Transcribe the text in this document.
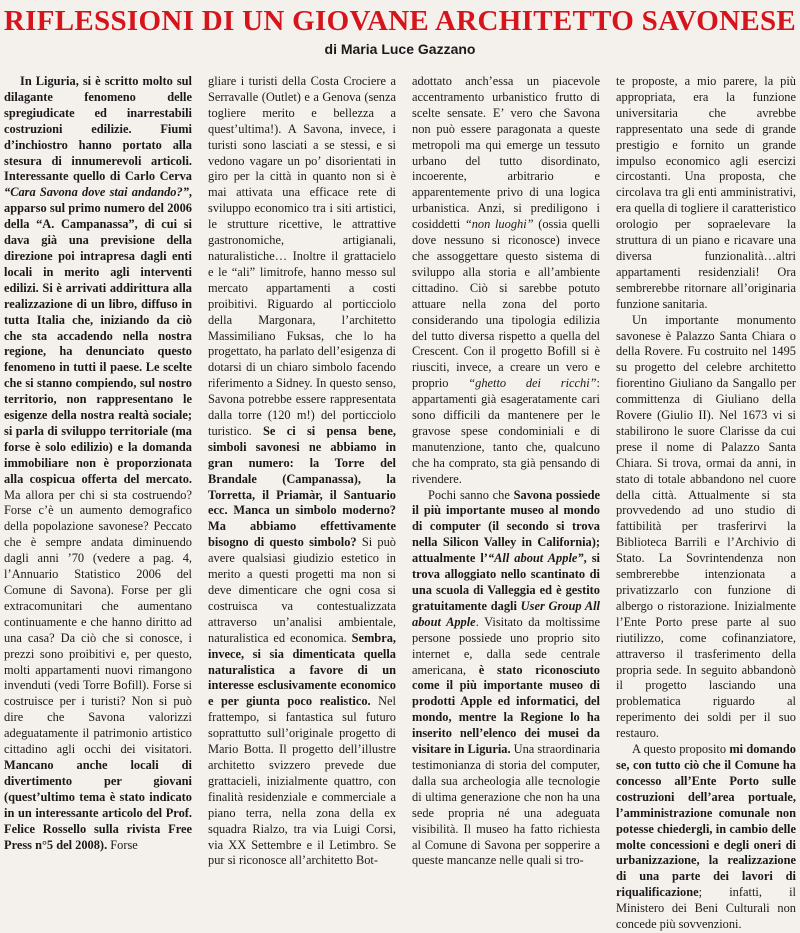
RIFLESSIONI DI UN GIOVANE ARCHITETTO SAVONESE
di Maria Luce Gazzano

In Liguria, si è scritto molto sul dilagante fenomeno delle spregiudicate ed inarrestabili costruzioni edilizie. Fiumi d’inchiostro hanno portato alla stesura di innumerevoli articoli. Interessante quello di Carlo Cerva “Cara Savona dove stai andando?”, apparso sul primo numero del 2006 della “A. Campanassa”, di cui si dava già una previsione della direzione poi intrapresa dagli enti locali in merito agli interventi edilizi. Si è arrivati addirittura alla realizzazione di un libro, diffuso in tutta Italia che, iniziando da ciò che sta accadendo nella nostra regione, ha denunciato questo fenomeno in tutti il paese. Le scelte che si stanno compiendo, sul nostro territorio, non rappresentano le esigenze della nostra realtà sociale; si parla di sviluppo territoriale (ma forse è solo edilizio) e la domanda immobiliare non è proporzionata alla cospicua offerta del mercato. Ma allora per chi si sta costruendo? Forse c’è un aumento demografico della popolazione savonese? Peccato che è sempre andata diminuendo dagli anni ’70 (vedere a pag. 4, l’Annuario Statistico 2006 del Comune di Savona). Forse per gli extracomunitari che aumentano continuamente e che hanno diritto ad una casa? Da ciò che si conosce, i prezzi sono proibitivi e, per questo, molti appartamenti nuovi rimangono invenduti (vedi Torre Bofill). Forse si costruisce per i turisti? Non si può dire che Savona valorizzi adeguatamente il patrimonio artistico cittadino agli occhi dei visitatori. Mancano anche locali di divertimento per giovani (quest’ultimo tema è stato indicato in un interessante articolo del Prof. Felice Rossello sulla rivista Free Press n°5 del 2008). Forse

gliare i turisti della Costa Crociere a Serravalle (Outlet) e a Genova (senza togliere merito e bellezza a quest’ultima!). A Savona, invece, i turisti sono lasciati a se stessi, e si vedono vagare un po’ disorientati in giro per la città in quanto non si è mai attivata una efficace rete di sviluppo economico tra i siti artistici, le strutture ricettive, le attrattive gastronomiche, artigianali, naturalistiche… Inoltre il grattacielo e le “ali” limitrofe, hanno messo sul mercato appartamenti a costi proibitivi. Riguardo al porticciolo della Margonara, l’architetto Massimiliano Fuksas, che lo ha progettato, ha parlato dell’esigenza di dotarsi di un chiaro simbolo facendo riferimento a Sidney. In questo senso, Savona potrebbe essere rappresentata dalla torre (120 m!) del porticciolo turistico. Se ci si pensa bene, simboli savonesi ne abbiamo in gran numero: la Torre del Brandale (Campanassa), la Torretta, il Priamàr, il Santuario ecc. Manca un simbolo moderno? Ma abbiamo effettivamente bisogno di questo simbolo? Si può avere qualsiasi giudizio estetico in merito a questi progetti ma non si deve dimenticare che ogni cosa si costruisca va contestualizzata attraverso un’analisi ambientale, naturalistica ed economica. Sembra, invece, si sia dimenticata quella naturalistica a favore di un interesse esclusivamente economico e per giunta poco realistico. Nel frattempo, si fantastica sul futuro soprattutto sull’originale progetto di Mario Botta. Il progetto dell’illustre architetto svizzero prevede due grattacieli, inizialmente quattro, con finalità residenziale e commerciale a piano terra, nella zona della ex squadra Rialzo, tra via Luigi Corsi, via XX Settembre e il Letimbro. Se pur si riconosce all’architetto Bot-

adottato anch’essa un piacevole accentramento urbanistico frutto di scelte sensate. E’ vero che Savona non può essere paragonata a queste metropoli ma qui emerge un tessuto urbano del tutto disordinato, incoerente, arbitrario e apparentemente privo di una logica urbanistica. Anzi, si prediligono i cosiddetti “non luoghi” (ossia quelli dove nessuno si riconosce) invece che assoggettare questo sistema di sviluppo alla storia e all’ambiente cittadino. Ciò si sarebbe potuto attuare nella zona del porto considerando una tipologia edilizia del tutto diversa rispetto a quella del Crescent. Con il progetto Bofill si è riusciti, invece, a creare un vero e proprio “ghetto dei ricchi”: appartamenti già esageratamente cari sono difficili da mantenere per le gravose spese condominiali e di manutenzione, tanto che, qualcuno che ha comprato, sta già pensando di rivendere.

Pochi sanno che Savona possiede il più importante museo al mondo di computer (il secondo si trova nella Silicon Valley in California); attualmente l’“All about Apple”, si trova alloggiato nello scantinato di una scuola di Valleggia ed è gestito gratuitamente dagli User Group All about Apple. Visitato da moltissime persone possiede uno proprio sito internet e, dalla sede centrale americana, è stato riconosciuto come il più importante museo di prodotti Apple ed informatici, del mondo, mentre la Regione lo ha inserito nell’elenco dei musei da visitare in Liguria. Una straordinaria testimonianza di storia del computer, dalla sua archeologia alle tecnologie di ultima generazione che non ha una sede propria né una adeguata visibilità. Il museo ha fatto richiesta al Comune di Savona per sopperire a queste mancanze nelle quali si tro-

te proposte, a mio parere, la più appropriata, era la funzione universitaria che avrebbe rappresentato una sede di grande prestigio e fornito un grande impulso economico agli esercizi circostanti. Una proposta, che circolava tra gli enti amministrativi, era quella di togliere il caratteristico orologio per sopraelevare la struttura di un piano e ricavare una diversa funzionalità…altri appartamenti residenziali! Ora sembrerebbe ritornare all’originaria funzione sanitaria.

Un importante monumento savonese è Palazzo Santa Chiara o della Rovere. Fu costruito nel 1495 su progetto del celebre architetto fiorentino Giuliano da Sangallo per committenza di Giuliano della Rovere (Giulio II). Nel 1673 vi si stabilirono le suore Clarisse da cui prese il nome di Palazzo Santa Chiara. Si trova, ormai da anni, in stato di totale abbandono nel cuore della città. Attualmente si sta provvedendo ad uno studio di fattibilità per trasferirvi la Biblioteca Barrili e l’Archivio di Stato. La Sovrintendenza non sembrerebbe intenzionata a privatizzarlo con funzione di albergo o ristorazione. Inizialmente l’Ente Porto prese parte al suo riutilizzo, come cofinanziatore, attraverso il trasferimento della propria sede. In seguito abbandonò il progetto lasciando una problematica riguardo al reperimento dei soldi per il suo restauro.

A questo proposito mi domando se, con tutto ciò che il Comune ha concesso all’Ente Porto sulle costruzioni dell’area portuale, l’amministrazione comunale non potesse chiedergli, in cambio delle molte concessioni e degli oneri di urbanizzazione, la realizzazione di una parte dei lavori di riqualificazione; infatti, il Ministero dei Beni Culturali non concede più sovvenzioni.
